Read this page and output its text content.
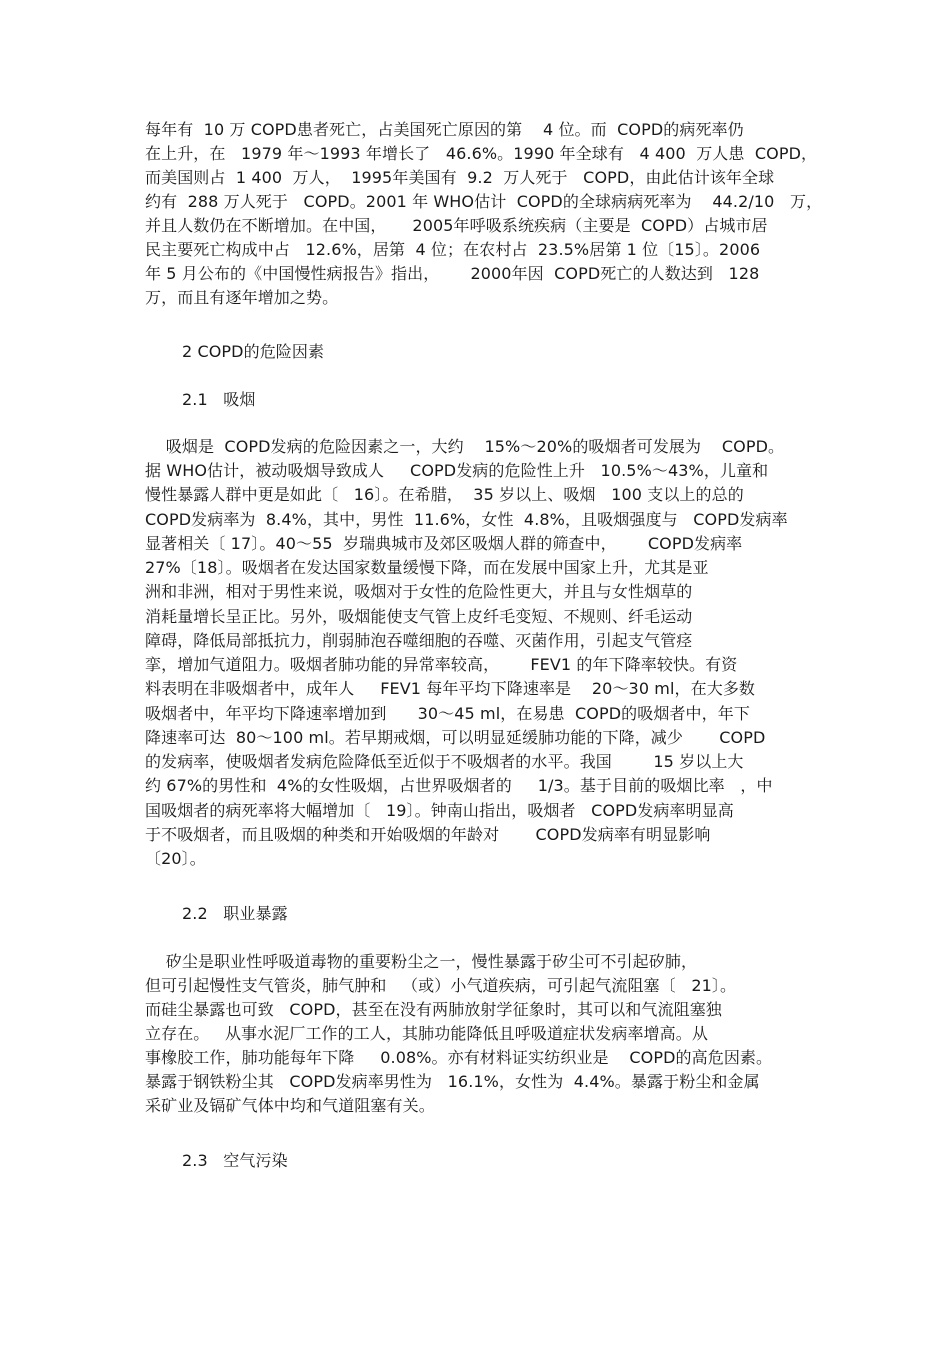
每年有  10 万 COPD患者死亡，占美国死亡原因的第    4 位。而  COPD的病死率仍
在上升，在   1979 年～1993 年增长了   46.6%。1990 年全球有   4 400  万人患  COPD，
而美国则占  1 400  万人，  1995年美国有  9.2  万人死于   COPD，由此估计该年全球
约有  288 万人死于   COPD。2001 年 WHO估计  COPD的全球病病死率为    44.2/10   万，
并且人数仍在不断增加。在中国，     2005年呼吸系统疾病（主要是  COPD）占城市居
民主要死亡构成中占   12.6%，居第  4 位；在农村占  23.5%居第 1 位〔15〕。2006
年 5 月公布的《中国慢性病报告》指出，      2000年因  COPD死亡的人数达到   128
万，而且有逐年增加之势。
2 COPD的危险因素
2.1   吸烟
吸烟是  COPD发病的危险因素之一，大约    15%～20%的吸烟者可发展为    COPD。
据 WHO估计，被动吸烟导致成人     COPD发病的危险性上升   10.5%～43%，儿童和
慢性暴露人群中更是如此〔   16〕。在希腊，  35 岁以上、吸烟   100 支以上的总的
COPD发病率为  8.4%，其中，男性  11.6%，女性  4.8%，且吸烟强度与   COPD发病率
显著相关〔 17〕。40～55  岁瑞典城市及郊区吸烟人群的筛查中，      COPD发病率
27%〔18〕。吸烟者在发达国家数量缓慢下降，而在发展中国家上升，尤其是亚
洲和非洲，相对于男性来说，吸烟对于女性的危险性更大，并且与女性烟草的
消耗量增长呈正比。另外，吸烟能使支气管上皮纤毛变短、不规则、纤毛运动
障碍，降低局部抵抗力，削弱肺泡吞噬细胞的吞噬、灭菌作用，引起支气管痉
挛，增加气道阻力。吸烟者肺功能的异常率较高，      FEV1 的年下降率较快。有资
料表明在非吸烟者中，成年人     FEV1 每年平均下降速率是    20～30 ml，在大多数
吸烟者中，年平均下降速率增加到      30～45 ml，在易患  COPD的吸烟者中，年下
降速率可达  80～100 ml。若早期戒烟，可以明显延缓肺功能的下降，减少       COPD
的发病率，使吸烟者发病危险降低至近似于不吸烟者的水平。我国        15 岁以上大
约 67%的男性和  4%的女性吸烟，占世界吸烟者的     1/3。基于目前的吸烟比率   ，中
国吸烟者的病死率将大幅增加〔   19〕。钟南山指出，吸烟者   COPD发病率明显高
于不吸烟者，而且吸烟的种类和开始吸烟的年龄对       COPD发病率有明显影响
〔20〕。
2.2   职业暴露
矽尘是职业性呼吸道毒物的重要粉尘之一，慢性暴露于矽尘可不引起矽肺，
但可引起慢性支气管炎，肺气肿和   （或）小气道疾病，可引起气流阻塞〔   21〕。
而硅尘暴露也可致   COPD，甚至在没有两肺放射学征象时，其可以和气流阻塞独
立存在。   从事水泥厂工作的工人，其肺功能降低且呼吸道症状发病率增高。从
事橡胶工作，肺功能每年下降     0.08%。亦有材料证实纺织业是    COPD的高危因素。
暴露于钢铁粉尘其   COPD发病率男性为   16.1%，女性为  4.4%。暴露于粉尘和金属
采矿业及镉矿气体中均和气道阻塞有关。
2.3   空气污染
